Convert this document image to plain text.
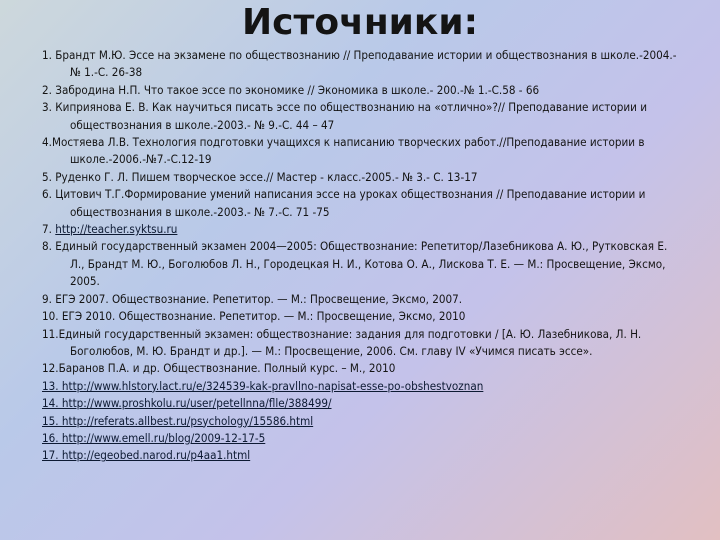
Источники:
1. Брандт М.Ю. Эссе на экзамене по обществознанию // Преподавание истории и обществознания в школе.-2004.- № 1.-С. 26-38
2. Забродина Н.П. Что такое эссе по экономике // Экономика в школе.- 200.-№ 1.-С.58 - 66
3. Киприянова Е. В. Как научиться писать эссе по обществознанию на «отлично»?// Преподавание истории и обществознания в школе.-2003.- № 9.-С. 44 – 47
4.Мостяева Л.В. Технология подготовки учащихся к написанию творческих работ.//Преподавание истории в школе.-2006.-№7.-С.12-19
5. Руденко Г. Л. Пишем творческое эссе.// Мастер - класс.-2005.- № 3.- С. 13-17
6. Цитович Т.Г.Формирование умений написания эссе на уроках обществознания // Преподавание истории и обществознания в школе.-2003.- № 7.-С. 71 -75
7. http://teacher.syktsu.ru
8. Единый государственный экзамен 2004—2005: Обществознание: Репетитор/Лазебникова А. Ю., Рутковская Е. Л., Брандт М. Ю., Боголюбов Л. Н., Городецкая Н. И., Котова О. А., Лискова Т. Е. — М.: Просвещение, Эксмо, 2005.
9. ЕГЭ 2007. Обществознание. Репетитор. — М.: Просвещение, Эксмо, 2007.
10. ЕГЭ 2010. Обществознание. Репетитор. — М.: Просвещение, Эксмо, 2010
11.Единый государственный экзамен: обществознание: задания для подготовки / [А. Ю. Лазебникова, Л. Н. Боголюбов, М. Ю. Брандт и др.]. — М.: Просвещение, 2006. См. главу IV «Учимся писать эссе».
12.Баранов П.А. и др. Обществознание. Полный курс. – М., 2010
13. http://www.hlstory.lact.ru/e/324539-kak-pravllno-napisat-esse-po-obshestvoznan
14. http://www.proshkolu.ru/user/petellnna/flle/388499/
15. http://referats.allbest.ru/psychology/15586.html
16. http://www.emell.ru/blog/2009-12-17-5
17. http://egeobed.narod.ru/p4aa1.html
